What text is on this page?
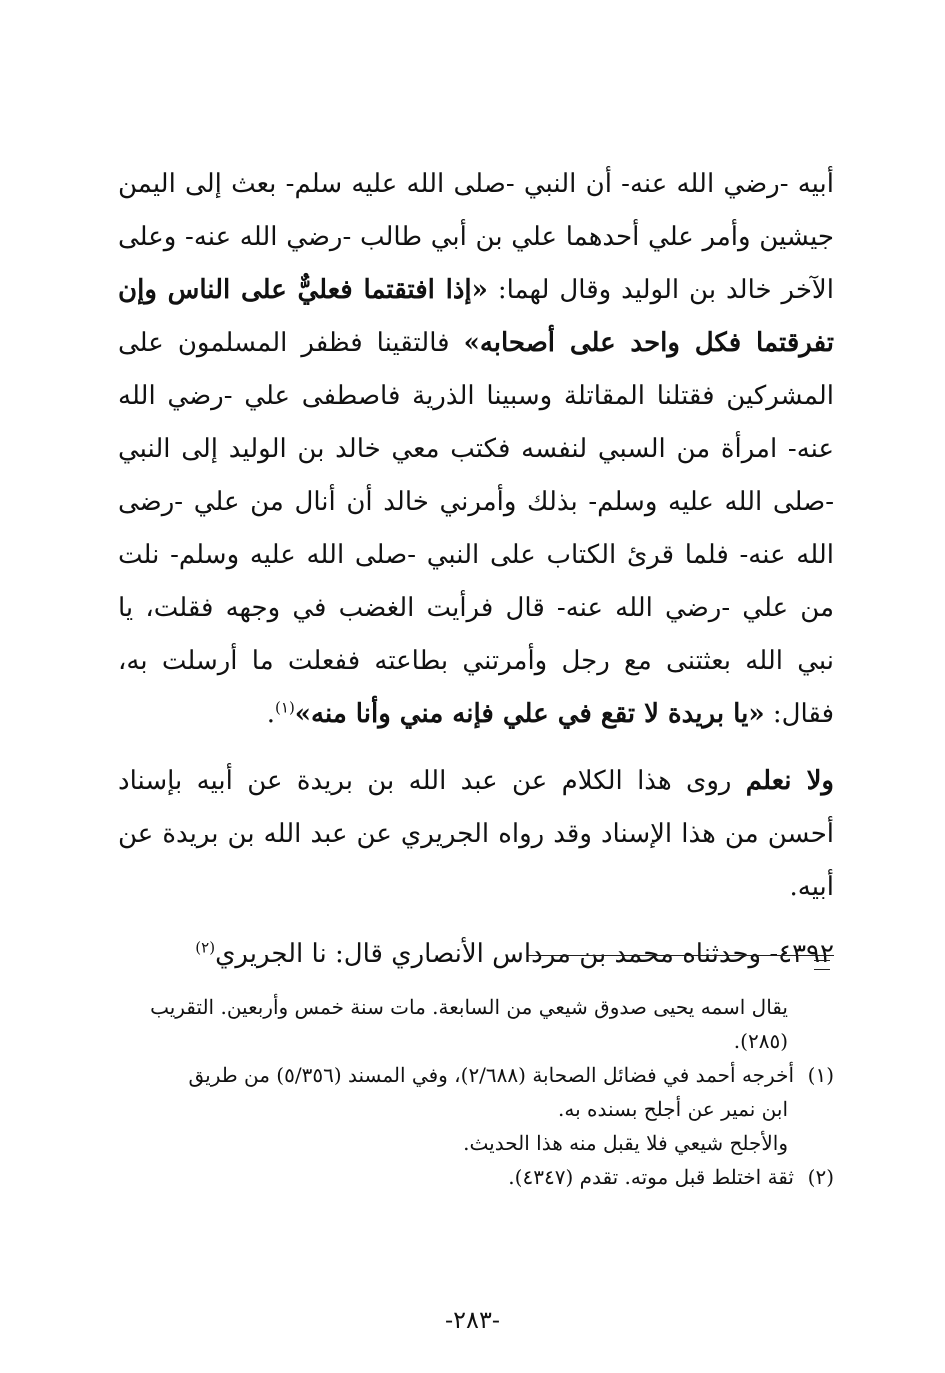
أبيه -رضي الله عنه- أن النبي -صلى الله عليه سلم- بعث إلى اليمن جيشين وأمر علي أحدهما علي بن أبي طالب -رضي الله عنه- وعلى الآخر خالد بن الوليد وقال لهما: «إذا افتقتما فعليٌّ على الناس وإن تفرقتما فكل واحد على أصحابه» فالتقينا فظفر المسلمون على المشركين فقتلنا المقاتلة وسبينا الذرية فاصطفى علي -رضي الله عنه- امرأة من السبي لنفسه فكتب معي خالد بن الوليد إلى النبي -صلى الله عليه وسلم- بذلك وأمرني خالد أن أنال من علي -رضى الله عنه- فلما قرئ الكتاب على النبي -صلى الله عليه وسلم- نلت من علي -رضي الله عنه- قال فرأيت الغضب في وجهه فقلت، يا نبي الله بعثتنى مع رجل وأمرتني بطاعته ففعلت ما أرسلت به، فقال: «يا بريدة لا تقع في علي فإنه مني وأنا منه»$^{(١)}$.

ولا نعلم روى هذا الكلام عن عبد الله بن بريدة عن أبيه بإسناد أحسن من هذا الإسناد وقد رواه الجريري عن عبد الله بن بريدة عن أبيه.

٤٣٩٢- وحدثناه محمد بن مرداس الأنصاري قال: نا الجريري$^{(٢)}$

يقال اسمه يحيى صدوق شيعي من السابعة. مات سنة خمس وأربعين. التقريب

(٢٨٥).

(١)أخرجه أحمد في فضائل الصحابة (٢/٦٨٨)، وفي المسند (٥/٣٥٦) من طريق

ابن نمير عن أجلح بسنده به.

والأجلح شيعي فلا يقبل منه هذا الحديث.

(٢)ثقة اختلط قبل موته. تقدم (٤٣٤٧).

-٢٨٣-
